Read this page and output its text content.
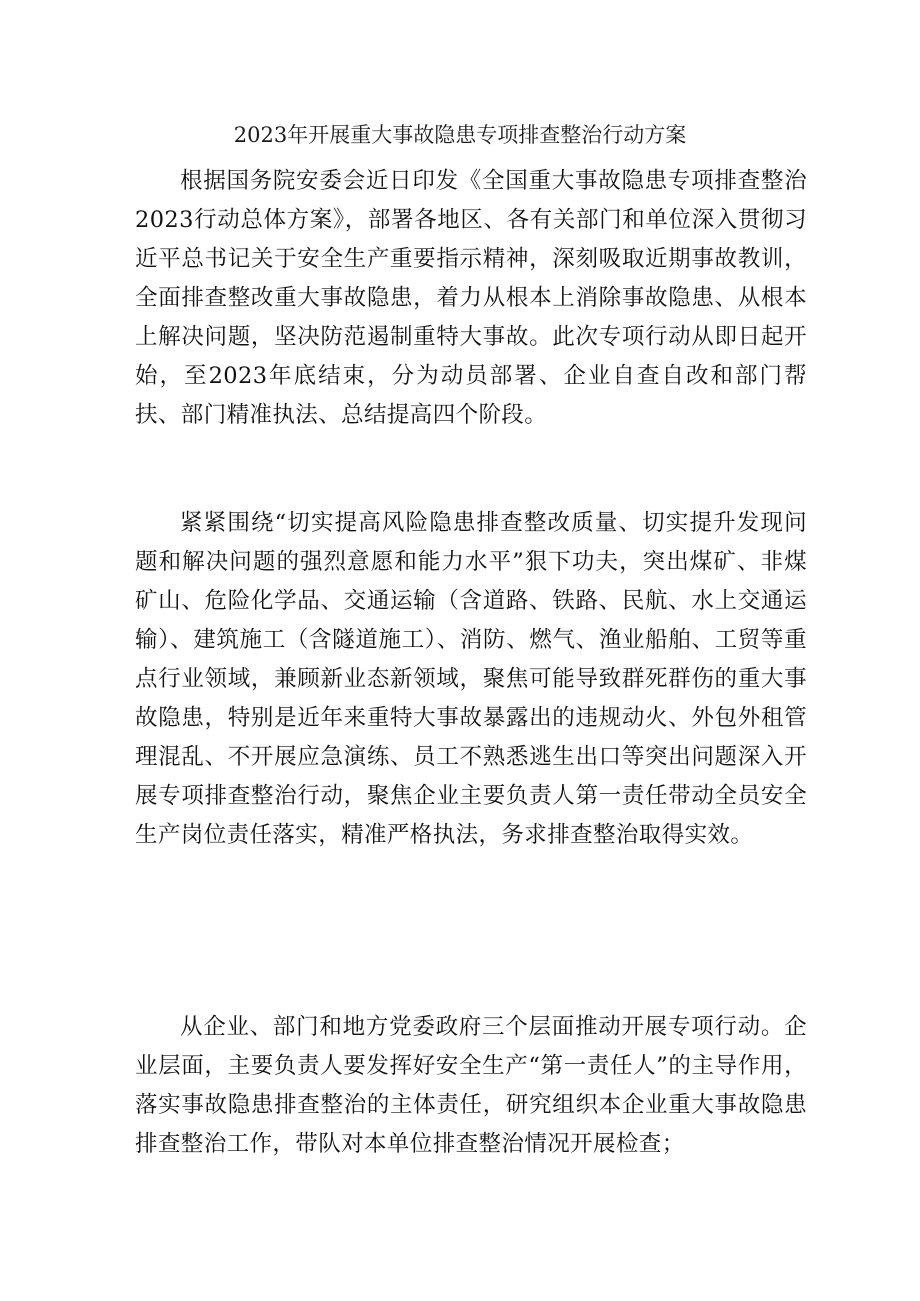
2023年开展重大事故隐患专项排查整治行动方案

根据国务院安委会近日印发《全国重大事故隐患专项排查整治2023行动总体方案》，部署各地区、各有关部门和单位深入贯彻习近平总书记关于安全生产重要指示精神，深刻吸取近期事故教训，全面排查整改重大事故隐患，着力从根本上消除事故隐患、从根本上解决问题，坚决防范遏制重特大事故。此次专项行动从即日起开始，至2023年底结束，分为动员部署、企业自查自改和部门帮扶、部门精准执法、总结提高四个阶段。

紧紧围绕“切实提高风险隐患排查整改质量、切实提升发现问题和解决问题的强烈意愿和能力水平”狠下功夫，突出煤矿、非煤矿山、危险化学品、交通运输（含道路、铁路、民航、水上交通运输）、建筑施工（含隧道施工）、消防、燃气、渔业船舶、工贸等重点行业领域，兼顾新业态新领域，聚焦可能导致群死群伤的重大事故隐患，特别是近年来重特大事故暴露出的违规动火、外包外租管理混乱、不开展应急演练、员工不熟悉逃生出口等突出问题深入开展专项排查整治行动，聚焦企业主要负责人第一责任带动全员安全生产岗位责任落实，精准严格执法，务求排查整治取得实效。

从企业、部门和地方党委政府三个层面推动开展专项行动。企业层面，主要负责人要发挥好安全生产“第一责任人”的主导作用，落实事故隐患排查整治的主体责任，研究组织本企业重大事故隐患排查整治工作，带队对本单位排查整治情况开展检查；
